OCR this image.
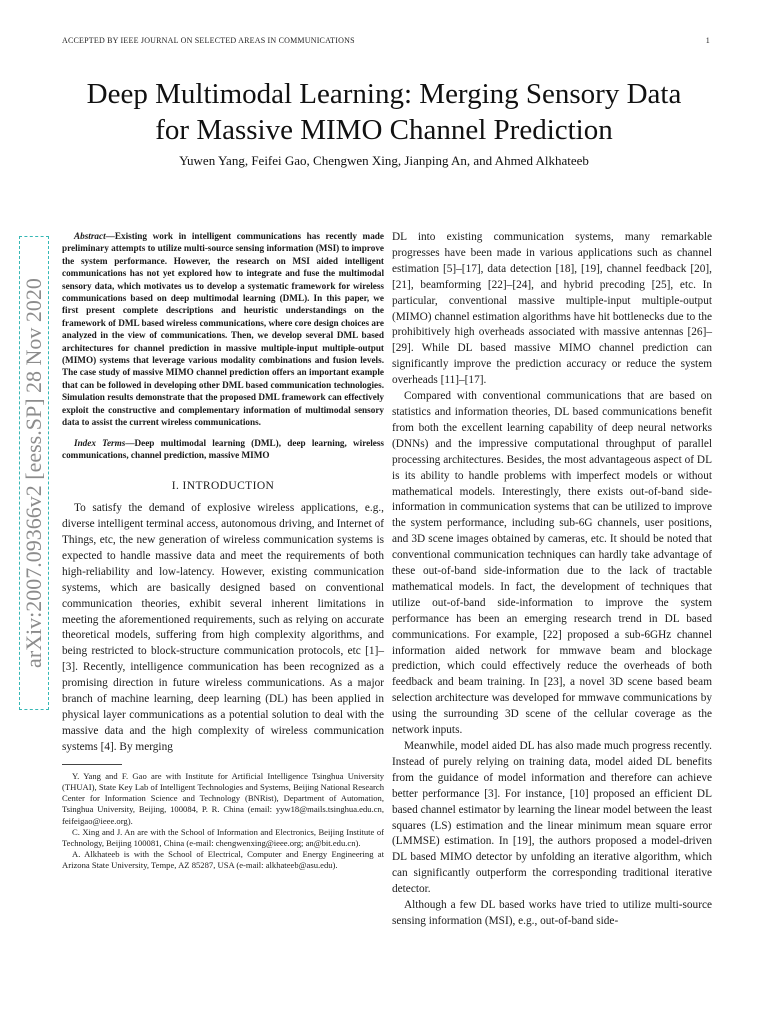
ACCEPTED BY IEEE JOURNAL ON SELECTED AREAS IN COMMUNICATIONS	1
Deep Multimodal Learning: Merging Sensory Data
for Massive MIMO Channel Prediction
Yuwen Yang, Feifei Gao, Chengwen Xing, Jianping An, and Ahmed Alkhateeb
arXiv:2007.09366v2 [eess.SP] 28 Nov 2020

Abstract—Existing work in intelligent communications has recently made preliminary attempts to utilize multi-source sensing information (MSI) to improve the system performance. However, the research on MSI aided intelligent communications has not yet explored how to integrate and fuse the multimodal sensory data, which motivates us to develop a systematic framework for wireless communications based on deep multimodal learning (DML). In this paper, we first present complete descriptions and heuristic understandings on the framework of DML based wireless communications, where core design choices are analyzed in the view of communications. Then, we develop several DML based architectures for channel prediction in massive multiple-input multiple-output (MIMO) systems that leverage various modality combinations and fusion levels. The case study of massive MIMO channel prediction offers an important example that can be followed in developing other DML based communication technologies. Simulation results demonstrate that the proposed DML framework can effectively exploit the constructive and complementary information of multimodal sensory data to assist the current wireless communications.

Index Terms—Deep multimodal learning (DML), deep learning, wireless communications, channel prediction, massive MIMO

I. INTRODUCTION

To satisfy the demand of explosive wireless applications, e.g., diverse intelligent terminal access, autonomous driving, and Internet of Things, etc, the new generation of wireless communication systems is expected to handle massive data and meet the requirements of both high-reliability and low-latency. However, existing communication systems, which are basically designed based on conventional communication theories, exhibit several inherent limitations in meeting the aforementioned requirements, such as relying on accurate theoretical models, suffering from high complexity algorithms, and being restricted to block-structure communication protocols, etc [1]–[3]. Recently, intelligence communication has been recognized as a promising direction in future wireless communications. As a major branch of machine learning, deep learning (DL) has been applied in physical layer communications as a potential solution to deal with the massive data and the high complexity of wireless communication systems [4]. By merging

Y. Yang and F. Gao are with Institute for Artificial Intelligence Tsinghua University (THUAI), State Key Lab of Intelligent Technologies and Systems, Beijing National Research Center for Information Science and Technology (BNRist), Department of Automation, Tsinghua University, Beijing, 100084, P. R. China (email: yyw18@mails.tsinghua.edu.cn, feifeigao@ieee.org).

C. Xing and J. An are with the School of Information and Electronics, Beijing Institute of Technology, Beijing 100081, China (e-mail: chengwenxing@ieee.org; an@bit.edu.cn).

A. Alkhateeb is with the School of Electrical, Computer and Energy Engineering at Arizona State University, Tempe, AZ 85287, USA (e-mail: alkhateeb@asu.edu).

DL into existing communication systems, many remarkable progresses have been made in various applications such as channel estimation [5]–[17], data detection [18], [19], channel feedback [20], [21], beamforming [22]–[24], and hybrid precoding [25], etc. In particular, conventional massive multiple-input multiple-output (MIMO) channel estimation algorithms have hit bottlenecks due to the prohibitively high overheads associated with massive antennas [26]–[29]. While DL based massive MIMO channel prediction can significantly improve the prediction accuracy or reduce the system overheads [11]–[17].

Compared with conventional communications that are based on statistics and information theories, DL based communications benefit from both the excellent learning capability of deep neural networks (DNNs) and the impressive computational throughput of parallel processing architectures. Besides, the most advantageous aspect of DL is its ability to handle problems with imperfect models or without mathematical models. Interestingly, there exists out-of-band side-information in communication systems that can be utilized to improve the system performance, including sub-6G channels, user positions, and 3D scene images obtained by cameras, etc. It should be noted that conventional communication techniques can hardly take advantage of these out-of-band side-information due to the lack of tractable mathematical models. In fact, the development of techniques that utilize out-of-band side-information to improve the system performance has been an emerging research trend in DL based communications. For example, [22] proposed a sub-6GHz channel information aided network for mmwave beam and blockage prediction, which could effectively reduce the overheads of both feedback and beam training. In [23], a novel 3D scene based beam selection architecture was developed for mmwave communications by using the surrounding 3D scene of the cellular coverage as the network inputs.

Meanwhile, model aided DL has also made much progress recently. Instead of purely relying on training data, model aided DL benefits from the guidance of model information and therefore can achieve better performance [3]. For instance, [10] proposed an efficient DL based channel estimator by learning the linear model between the least squares (LS) estimation and the linear minimum mean square error (LMMSE) estimation. In [19], the authors proposed a model-driven DL based MIMO detector by unfolding an iterative algorithm, which can significantly outperform the corresponding traditional iterative detector.

Although a few DL based works have tried to utilize multi-source sensing information (MSI), e.g., out-of-band side-
